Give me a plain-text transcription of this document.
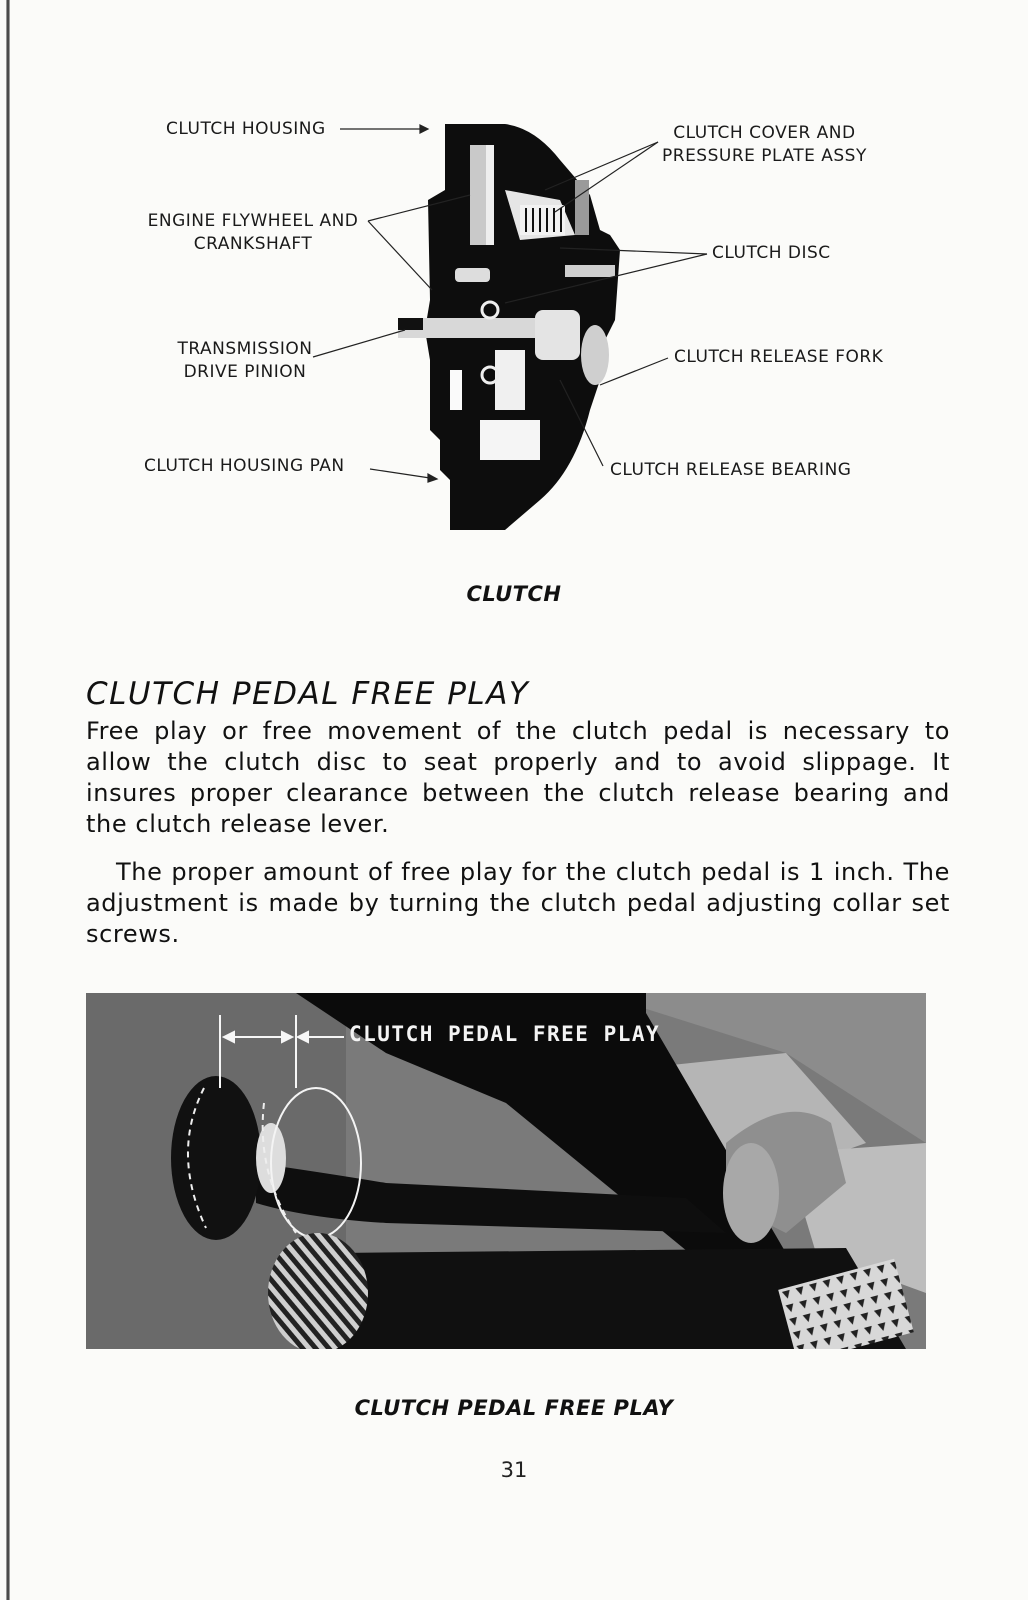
CLUTCH HOUSING
ENGINE FLYWHEEL AND
CRANKSHAFT
TRANSMISSION
DRIVE PINION
CLUTCH HOUSING PAN
CLUTCH COVER AND
PRESSURE PLATE ASSY
CLUTCH DISC
CLUTCH RELEASE FORK
CLUTCH RELEASE BEARING
CLUTCH
CLUTCH PEDAL FREE PLAY

Free play or free movement of the clutch pedal is necessary to allow the clutch disc to seat properly and to avoid slippage. It insures proper clearance between the clutch release bearing and the clutch release lever.

The proper amount of free play for the clutch pedal is 1 inch. The adjustment is made by turning the clutch pedal adjusting collar set screws.

CLUTCH PEDAL FREE PLAY
CLUTCH PEDAL FREE PLAY
31
